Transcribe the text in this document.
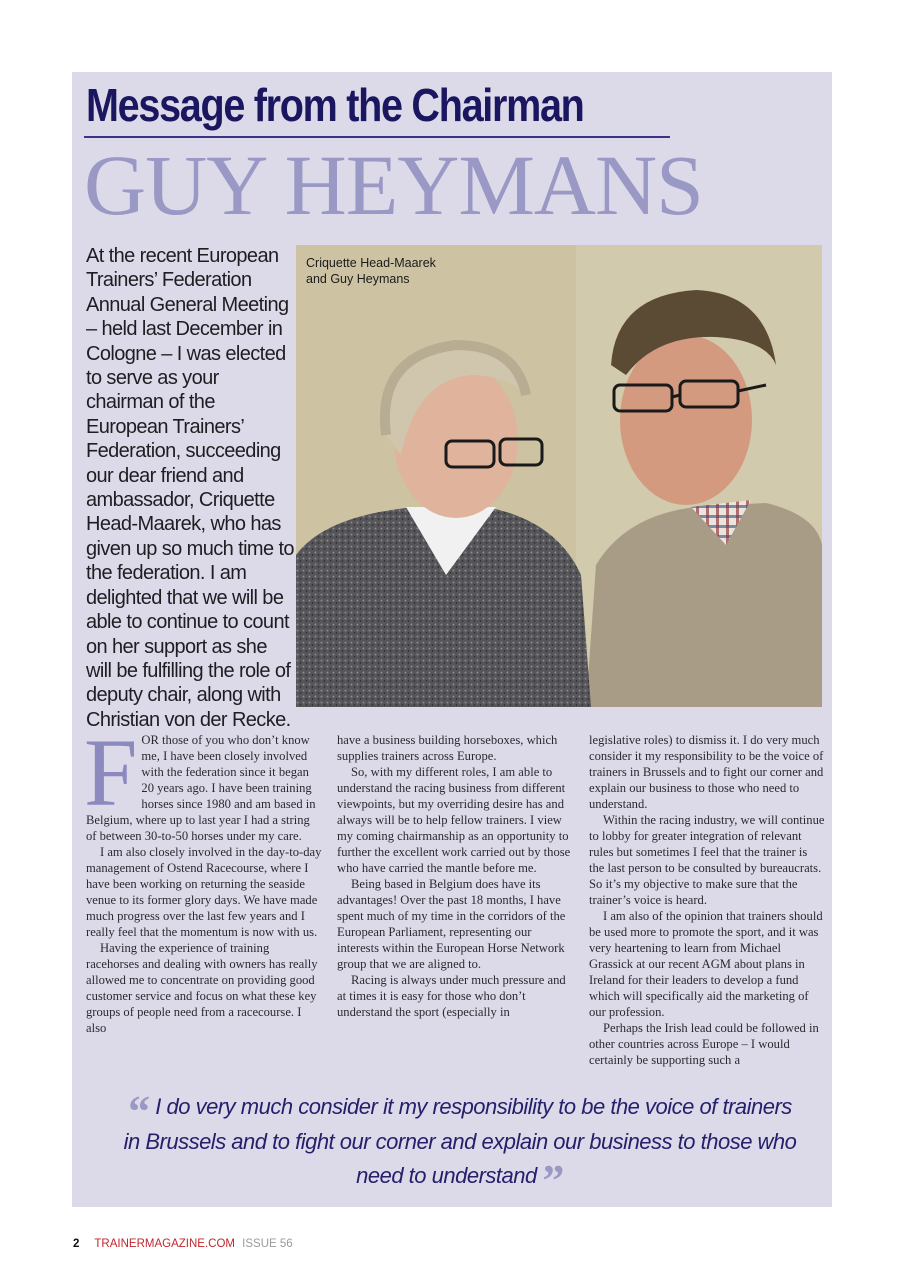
Message from the Chairman
GUY HEYMANS
At the recent European Trainers’ Federation Annual General Meeting – held last December in Cologne – I was elected to serve as your chairman of the European Trainers’ Federation, succeeding our dear friend and ambassador, Criquette Head-Maarek, who has given up so much time to the federation. I am delighted that we will be able to continue to count on her support as she will be fulfilling the role of deputy chair, along with Christian von der Recke.
Criquette Head-Maarek
and Guy Heymans

FOR those of you who don’t know me, I have been closely involved with the federation since it began 20 years ago. I have been training horses since 1980 and am based in Belgium, where up to last year I had a string of between 30-to-50 horses under my care.

I am also closely involved in the day-to-day management of Ostend Racecourse, where I have been working on returning the seaside venue to its former glory days. We have made much progress over the last few years and I really feel that the momentum is now with us.

Having the experience of training racehorses and dealing with owners has really allowed me to concentrate on providing good customer service and focus on what these key groups of people need from a racecourse. I also

have a business building horseboxes, which supplies trainers across Europe.

So, with my different roles, I am able to understand the racing business from different viewpoints, but my overriding desire has and always will be to help fellow trainers. I view my coming chairmanship as an opportunity to further the excellent work carried out by those who have carried the mantle before me.

Being based in Belgium does have its advantages! Over the past 18 months, I have spent much of my time in the corridors of the European Parliament, representing our interests within the European Horse Network group that we are aligned to.

Racing is always under much pressure and at times it is easy for those who don’t understand the sport (especially in

legislative roles) to dismiss it. I do very much consider it my responsibility to be the voice of trainers in Brussels and to fight our corner and explain our business to those who need to understand.

Within the racing industry, we will continue to lobby for greater integration of relevant rules but sometimes I feel that the trainer is the last person to be consulted by bureaucrats. So it’s my objective to make sure that the trainer’s voice is heard.

I am also of the opinion that trainers should be used more to promote the sport, and it was very heartening to learn from Michael Grassick at our recent AGM about plans in Ireland for their leaders to develop a fund which will specifically aid the marketing of our profession.

Perhaps the Irish lead could be followed in other countries across Europe – I would certainly be supporting such a

“ I do very much consider it my responsibility to be the voice of trainers in Brussels and to fight our corner and explain our business to those who need to understand ”
2 TRAINERMAGAZINE.COM ISSUE 56
